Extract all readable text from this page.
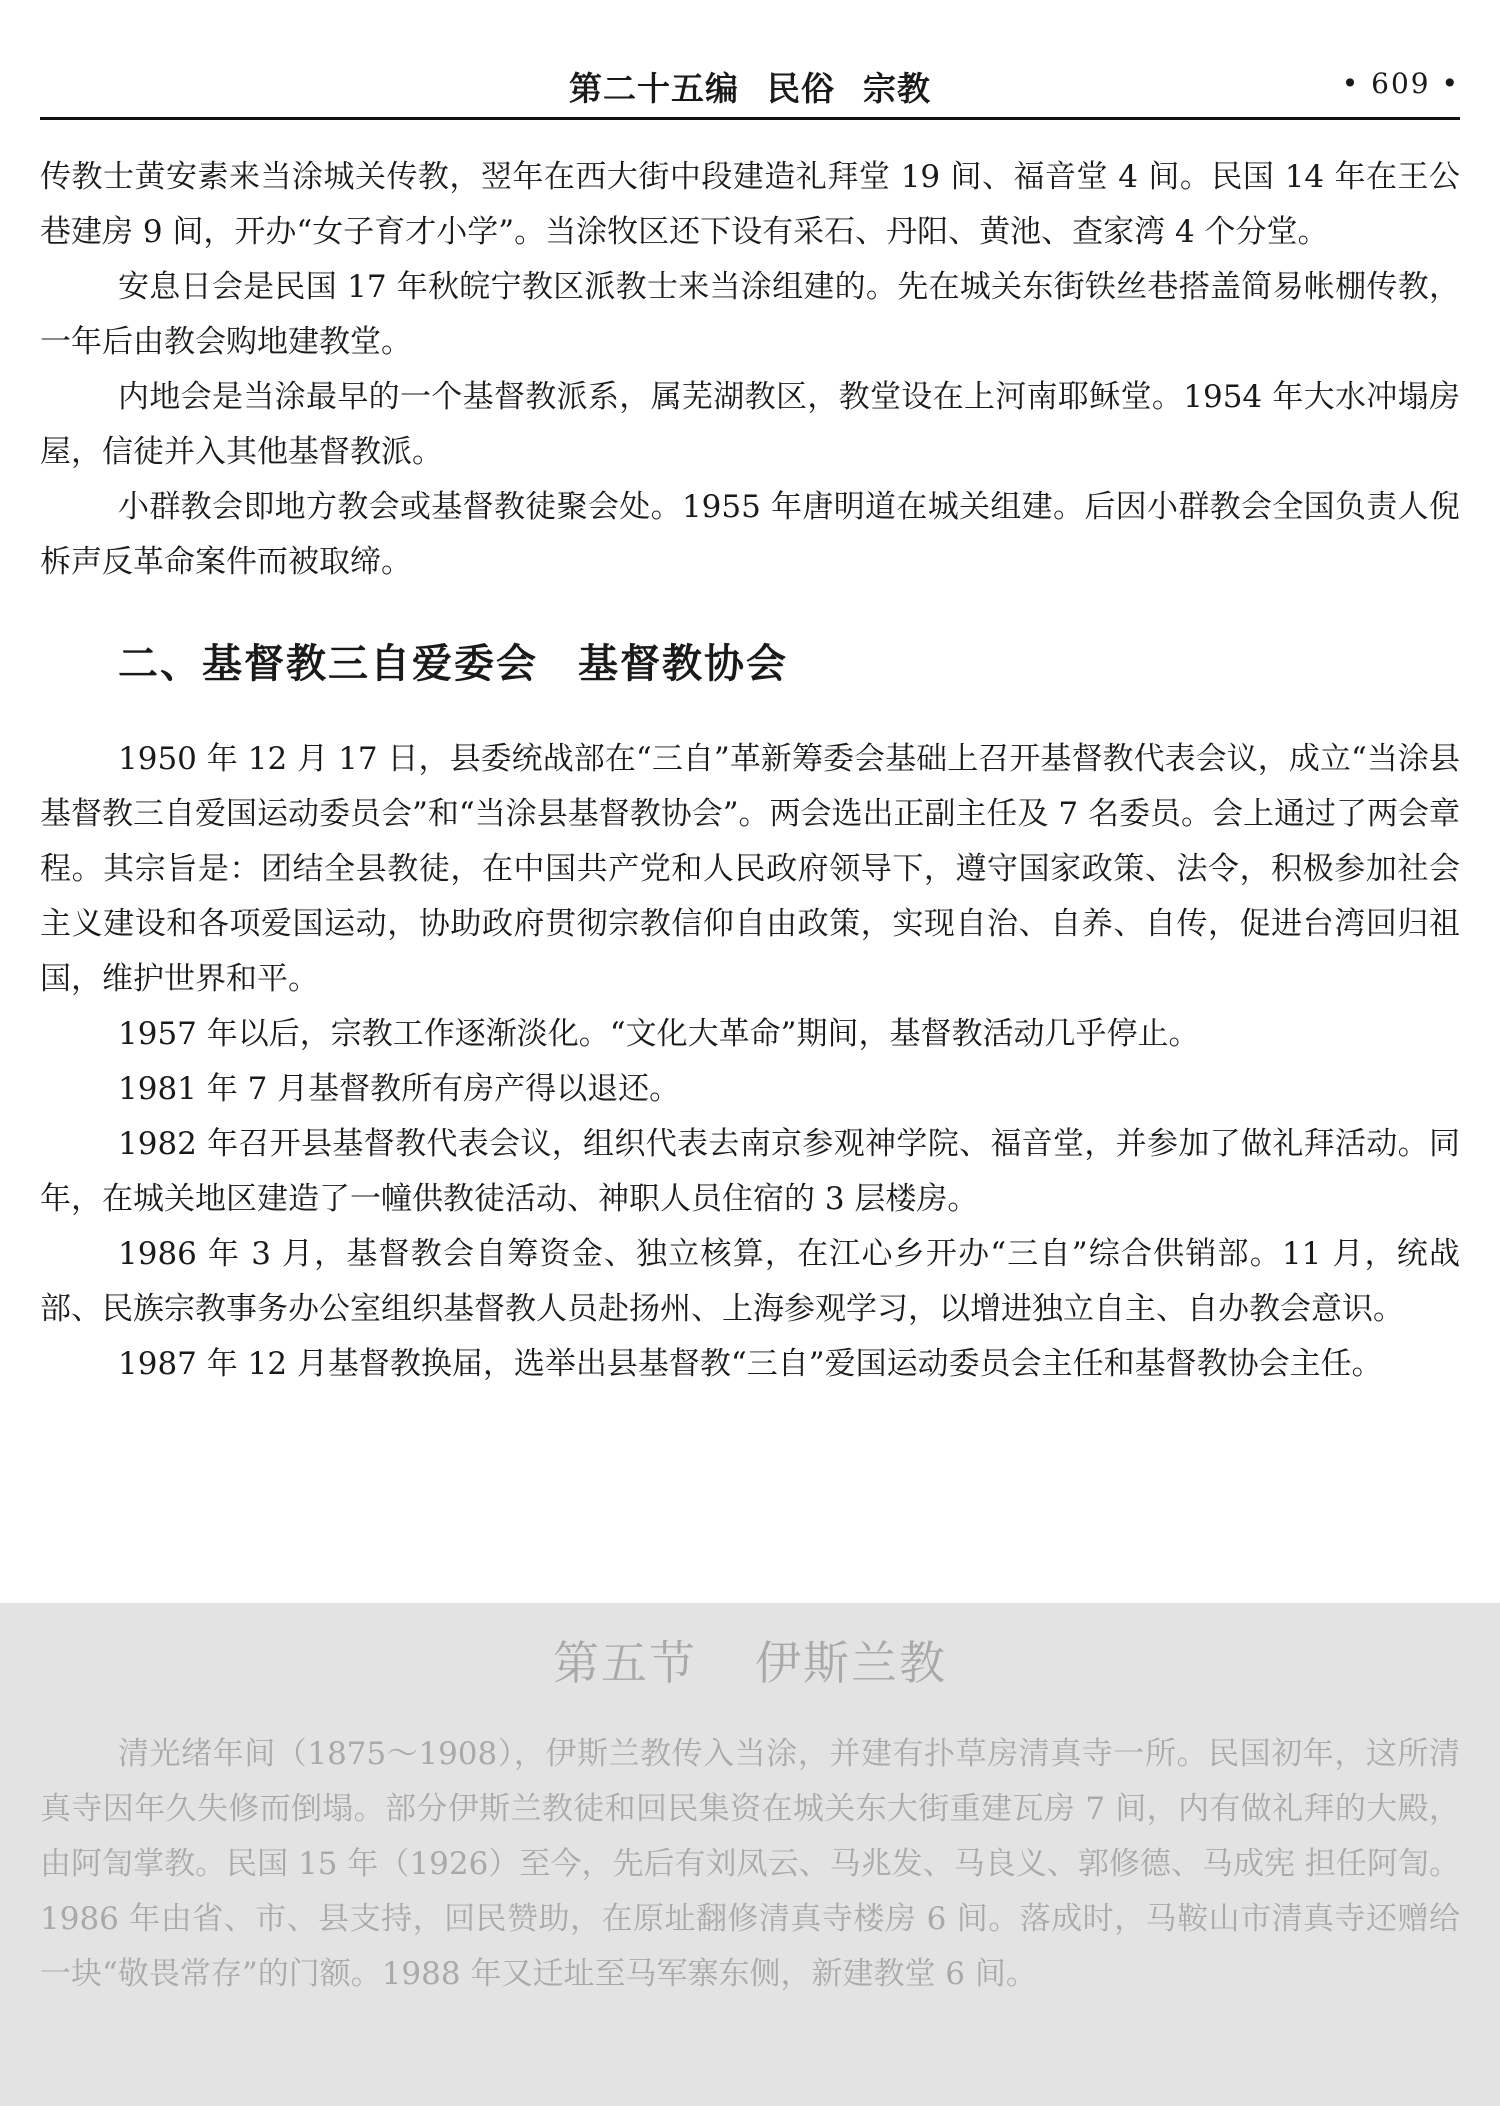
第二十五编 民俗 宗教	• 609 •

传教士黄安素来当涂城关传教，翌年在西大街中段建造礼拜堂 19 间、福音堂 4 间。民国 14 年在王公巷建房 9 间，开办“女子育才小学”。当涂牧区还下设有采石、丹阳、黄池、查家湾 4 个分堂。

安息日会是民国 17 年秋皖宁教区派教士来当涂组建的。先在城关东街铁丝巷搭盖简易帐棚传教，一年后由教会购地建教堂。

内地会是当涂最早的一个基督教派系，属芜湖教区，教堂设在上河南耶稣堂。1954 年大水冲塌房屋，信徒并入其他基督教派。

小群教会即地方教会或基督教徒聚会处。1955 年唐明道在城关组建。后因小群教会全国负责人倪柝声反革命案件而被取缔。

二、基督教三自爱委会 基督教协会

1950 年 12 月 17 日，县委统战部在“三自”革新筹委会基础上召开基督教代表会议，成立“当涂县基督教三自爱国运动委员会”和“当涂县基督教协会”。两会选出正副主任及 7 名委员。会上通过了两会章程。其宗旨是：团结全县教徒，在中国共产党和人民政府领导下，遵守国家政策、法令，积极参加社会主义建设和各项爱国运动，协助政府贯彻宗教信仰自由政策，实现自治、自养、自传，促进台湾回归祖国，维护世界和平。

1957 年以后，宗教工作逐渐淡化。“文化大革命”期间，基督教活动几乎停止。

1981 年 7 月基督教所有房产得以退还。

1982 年召开县基督教代表会议，组织代表去南京参观神学院、福音堂，并参加了做礼拜活动。同年，在城关地区建造了一幢供教徒活动、神职人员住宿的 3 层楼房。

1986 年 3 月，基督教会自筹资金、独立核算，在江心乡开办“三自”综合供销部。11 月，统战部、民族宗教事务办公室组织基督教人员赴扬州、上海参观学习，以增进独立自主、自办教会意识。

1987 年 12 月基督教换届，选举出县基督教“三自”爱国运动委员会主任和基督教协会主任。

第五节 伊斯兰教

清光绪年间（1875～1908），伊斯兰教传入当涂，并建有扑草房清真寺一所。民国初年，这所清真寺因年久失修而倒塌。部分伊斯兰教徒和回民集资在城关东大街重建瓦房 7 间，内有做礼拜的大殿，由阿訇掌教。民国 15 年（1926）至今，先后有刘凤云、马兆发、马良义、郭修德、马成宪 担任阿訇。1986 年由省、市、县支持，回民赞助，在原址翻修清真寺楼房 6 间。落成时，马鞍山市清真寺还赠给一块“敬畏常存”的门额。1988 年又迁址至马军寨东侧，新建教堂 6 间。
